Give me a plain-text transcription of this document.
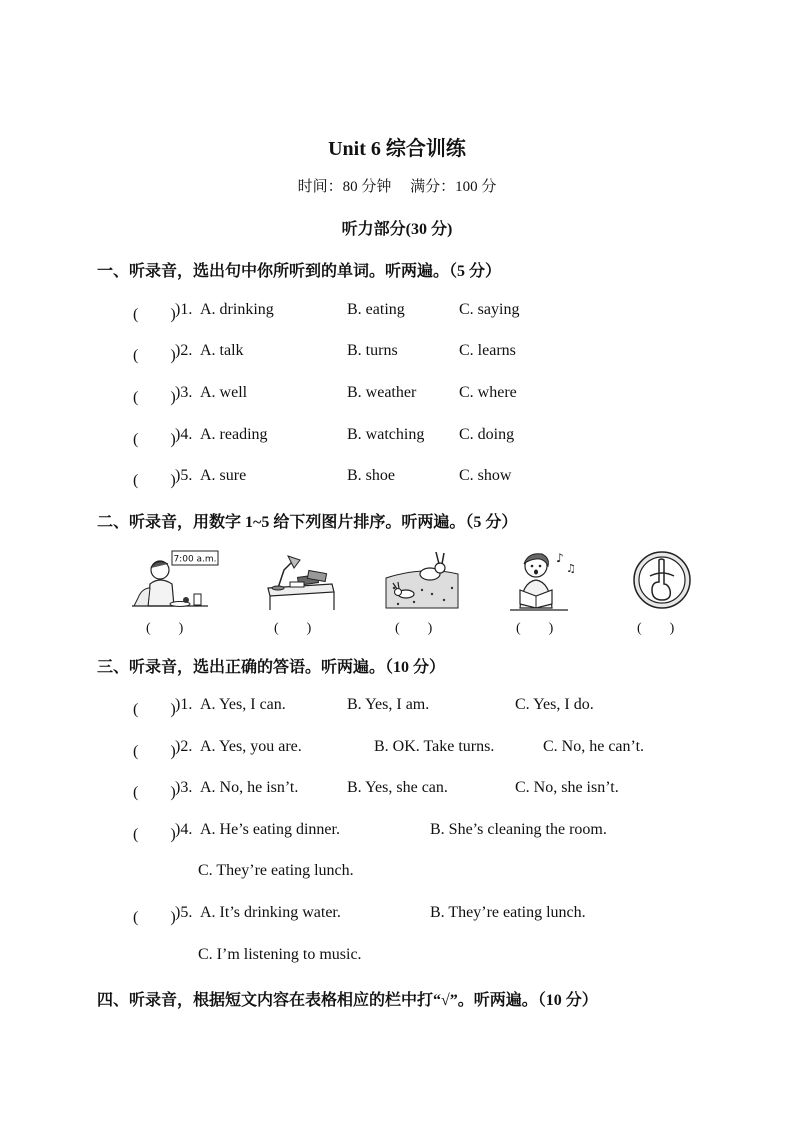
Unit 6 综合训练
时间：80 分钟　 满分：100 分
听力部分(30 分)
一、听录音，选出句中你所听到的单词。听两遍。（5 分）
(　　) )1. A. drinking	B. eating	C. saying
(　　) )2. A. talk	B. turns	C. learns
(　　) )3. A. well	B. weather	C. where
(　　) )4. A. reading	B. watching C. doing
(　　) )5. A. sure	B. shoe	C. show
二、听录音，用数字 1~5 给下列图片排序。听两遍。（5 分）
7:00 a.m.	♪
♫
(　　)	(　　)	(　　)	(　　)	(　　)
三、听录音，选出正确的答语。听两遍。（10 分）
(　　) )1. A. Yes, I can.	B. Yes, I am.	C. Yes, I do.
(　　) )2. A. Yes, you are.	B. OK. Take turns.	C. No, he can’t.
(　　) )3. A. No, he isn’t.	B. Yes, she can.	C. No, she isn’t.
(　　) )4. A. He’s eating dinner.	B. She’s cleaning the room.
C. They’re eating lunch.
(　　) )5. A. It’s drinking water.	B. They’re eating lunch.
C. I’m listening to music.
四、听录音，根据短文内容在表格相应的栏中打“√”。听两遍。（10 分）
